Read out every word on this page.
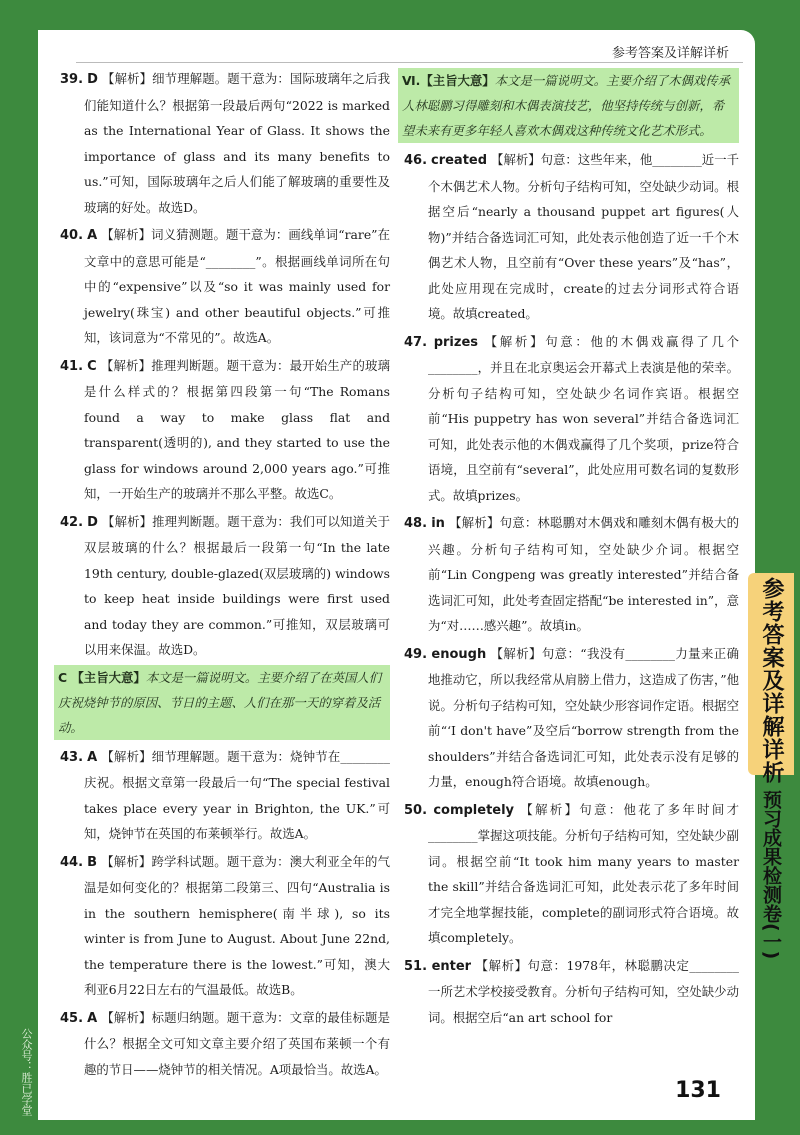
参考答案及详解详析
39. D 【解析】细节理解题。题干意为：国际玻璃年之后我们能知道什么？根据第一段最后两句“2022 is marked as the International Year of Glass. It shows the importance of glass and its many benefits to us.”可知，国际玻璃年之后人们能了解玻璃的重要性及玻璃的好处。故选D。
40. A 【解析】词义猜测题。题干意为：画线单词“rare”在文章中的意思可能是“________”。根据画线单词所在句中的“expensive”以及“so it was mainly used for jewelry(珠宝) and other beautiful objects.”可推知，该词意为“不常见的”。故选A。
41. C 【解析】推理判断题。题干意为：最开始生产的玻璃是什么样式的？根据第四段第一句“The Romans found a way to make glass flat and transparent(透明的), and they started to use the glass for windows around 2,000 years ago.”可推知，一开始生产的玻璃并不那么平整。故选C。
42. D 【解析】推理判断题。题干意为：我们可以知道关于双层玻璃的什么？根据最后一段第一句“In the late 19th century, double-glazed(双层玻璃的) windows to keep heat inside buildings were first used and today they are common.”可推知，双层玻璃可以用来保温。故选D。
C 【主旨大意】本文是一篇说明文。主要介绍了在英国人们庆祝烧钟节的原因、节日的主题、人们在那一天的穿着及活动。
43. A 【解析】细节理解题。题干意为：烧钟节在________庆祝。根据文章第一段最后一句“The special festival takes place every year in Brighton, the UK.”可知，烧钟节在英国的布莱顿举行。故选A。
44. B 【解析】跨学科试题。题干意为：澳大利亚全年的气温是如何变化的？根据第二段第三、四句“Australia is in the southern hemisphere(南半球), so its winter is from June to August. About June 22nd, the temperature there is the lowest.”可知，澳大利亚6月22日左右的气温最低。故选B。
45. A 【解析】标题归纳题。题干意为：文章的最佳标题是什么？根据全文可知文章主要介绍了英国布莱顿一个有趣的节日——烧钟节的相关情况。A项最恰当。故选A。
Ⅵ.【主旨大意】本文是一篇说明文。主要介绍了木偶戏传承人林聪鹏习得雕刻和木偶表演技艺，他坚持传统与创新，希望未来有更多年轻人喜欢木偶戏这种传统文化艺术形式。
46. created 【解析】句意：这些年来，他________近一千个木偶艺术人物。分析句子结构可知，空处缺少动词。根据空后“nearly a thousand puppet art figures(人物)”并结合备选词汇可知，此处表示他创造了近一千个木偶艺术人物，且空前有“Over these years”及“has”，此处应用现在完成时，create的过去分词形式符合语境。故填created。
47. prizes 【解析】句意：他的木偶戏赢得了几个________，并且在北京奥运会开幕式上表演是他的荣幸。分析句子结构可知，空处缺少名词作宾语。根据空前“His puppetry has won several”并结合备选词汇可知，此处表示他的木偶戏赢得了几个奖项，prize符合语境，且空前有“several”，此处应用可数名词的复数形式。故填prizes。
48. in 【解析】句意：林聪鹏对木偶戏和雕刻木偶有极大的兴趣。分析句子结构可知，空处缺少介词。根据空前“Lin Congpeng was greatly interested”并结合备选词汇可知，此处考查固定搭配“be interested in”，意为“对……感兴趣”。故填in。
49. enough 【解析】句意：“我没有________力量来正确地推动它，所以我经常从肩膀上借力，这造成了伤害，”他说。分析句子结构可知，空处缺少形容词作定语。根据空前“‘I don't have”及空后“borrow strength from the shoulders”并结合备选词汇可知，此处表示没有足够的力量，enough符合语境。故填enough。
50. completely 【解析】句意：他花了多年时间才________掌握这项技能。分析句子结构可知，空处缺少副词。根据空前“It took him many years to master the skill”并结合备选词汇可知，此处表示花了多年时间才完全地掌握技能，complete的副词形式符合语境。故填completely。
51. enter 【解析】句意：1978年，林聪鹏决定________一所艺术学校接受教育。分析句子结构可知，空处缺少动词。根据空后“an art school for
131
参考答案及详解详析
预习成果检测卷(一)
公众号：胜已学堂
